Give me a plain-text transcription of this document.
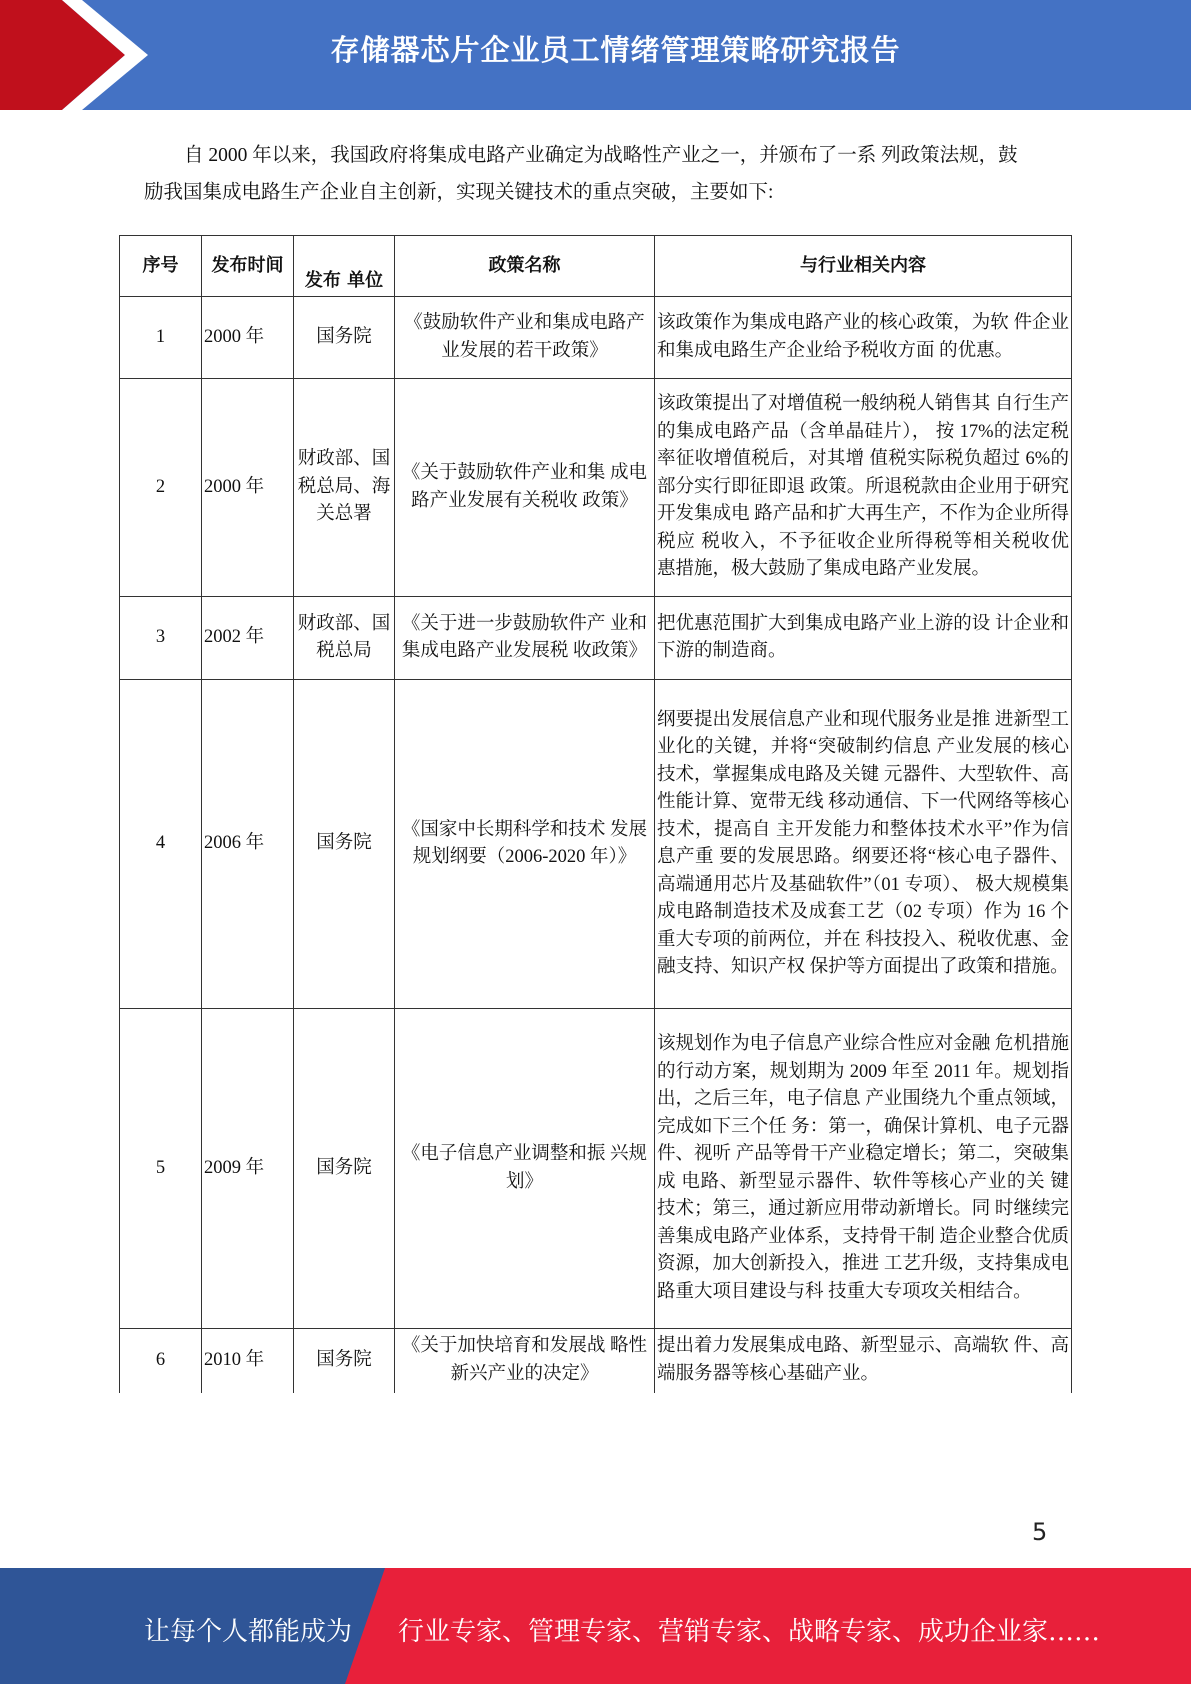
存储器芯片企业员工情绪管理策略研究报告

自 2000 年以来，我国政府将集成电路产业确定为战略性产业之一，并颁布了一系 列政策法规，鼓励我国集成电路生产企业自主创新，实现关键技术的重点突破，主要如下:

序号	发布时间	发布 单位	政策名称	与行业相关内容
1	2000 年	国务院	《鼓励软件产业和集成电路产业发展的若干政策》	该政策作为集成电路产业的核心政策，为软 件企业和集成电路生产企业给予税收方面 的优惠。
2	2000 年	财政部、国税总局、海关总署	《关于鼓励软件产业和集 成电路产业发展有关税收 政策》	该政策提出了对增值税一般纳税人销售其 自行生产的集成电路产品（含单晶硅片）， 按 17%的法定税率征收增值税后，对其增 值税实际税负超过 6%的部分实行即征即退 政策。所退税款由企业用于研究开发集成电 路产品和扩大再生产，不作为企业所得税应 税收入，不予征收企业所得税等相关税收优 惠措施，极大鼓励了集成电路产业发展。
3	2002 年	财政部、国税总局	《关于进一步鼓励软件产 业和集成电路产业发展税 收政策》	把优惠范围扩大到集成电路产业上游的设 计企业和下游的制造商。
4	2006 年	国务院	《国家中长期科学和技术 发展规划纲要（2006-2020 年）》	纲要提出发展信息产业和现代服务业是推 进新型工业化的关键，并将“突破制约信息 产业发展的核心技术，掌握集成电路及关键 元器件、大型软件、高性能计算、宽带无线 移动通信、下一代网络等核心技术，提高自 主开发能力和整体技术水平”作为信息产重 要的发展思路。纲要还将“核心电子器件、 高端通用芯片及基础软件”（01 专项）、 极大规模集成电路制造技术及成套工艺（02 专项）作为 16 个重大专项的前两位，并在 科技投入、税收优惠、金融支持、知识产权 保护等方面提出了政策和措施。
5	2009 年	国务院	《电子信息产业调整和振 兴规划》	该规划作为电子信息产业综合性应对金融 危机措施的行动方案，规划期为 2009 年至 2011 年。规划指出，之后三年，电子信息 产业围绕九个重点领域，完成如下三个任 务：第一，确保计算机、电子元器件、视听 产品等骨干产业稳定增长；第二，突破集成 电路、新型显示器件、软件等核心产业的关 键技术；第三，通过新应用带动新增长。同 时继续完善集成电路产业体系，支持骨干制 造企业整合优质资源，加大创新投入，推进 工艺升级，支持集成电路重大项目建设与科 技重大专项攻关相结合。
6	2010 年	国务院	《关于加快培育和发展战 略性新兴产业的决定》	提出着力发展集成电路、新型显示、高端软 件、高端服务器等核心基础产业。
5
让每个人都能成为 行业专家、管理专家、营销专家、战略专家、成功企业家……
